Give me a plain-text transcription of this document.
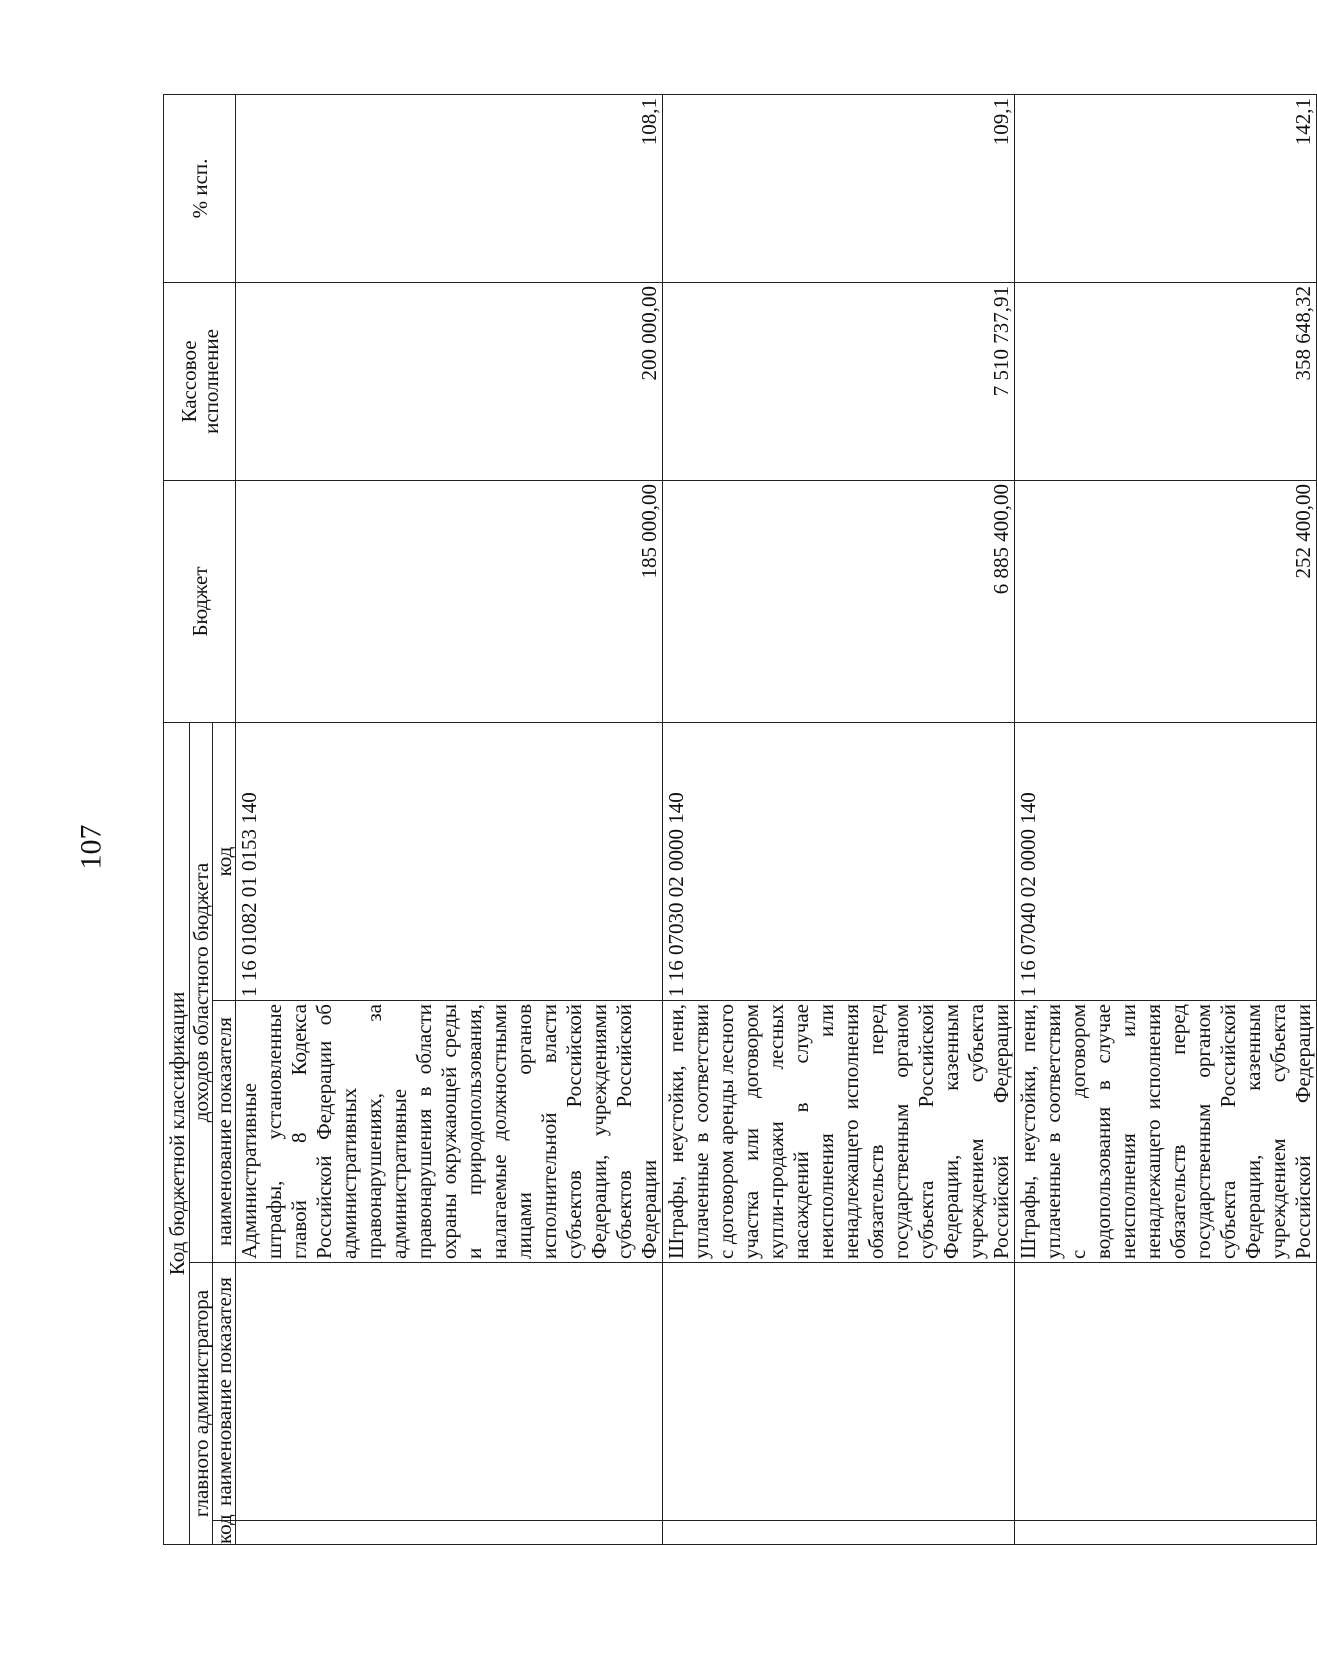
107
Код бюджетной классификации				Бюджет	Кассовое исполнение	% исп.
главного администратора		доходов областного бюджета				
код	наименование показателя	наименование показателя	код			
		Административные штрафы, установленные главой 8 Кодекса Российской Федерации об административных правонарушениях, за административные правонарушения в области охраны окружающей среды и природопользования, налагаемые должностными лицами органов исполнительной власти субъектов Российской Федерации, учреждениями субъектов Российской Федерации	1 16 01082 01 0153 140	185 000,00	200 000,00	108,1
		Штрафы, неустойки, пени, уплаченные в соответствии с договором аренды лесного участка или договором купли-продажи лесных насаждений в случае неисполнения или ненадлежащего исполнения обязательств перед государственным органом субъекта Российской Федерации, казенным учреждением субъекта Российской Федерации	1 16 07030 02 0000 140	6 885 400,00	7 510 737,91	109,1
		Штрафы, неустойки, пени, уплаченные в соответствии с договором водопользования в случае неисполнения или ненадлежащего исполнения обязательств перед государственным органом субъекта Российской Федерации, казенным учреждением субъекта Российской Федерации	1 16 07040 02 0000 140	252 400,00	358 648,32	142,1
